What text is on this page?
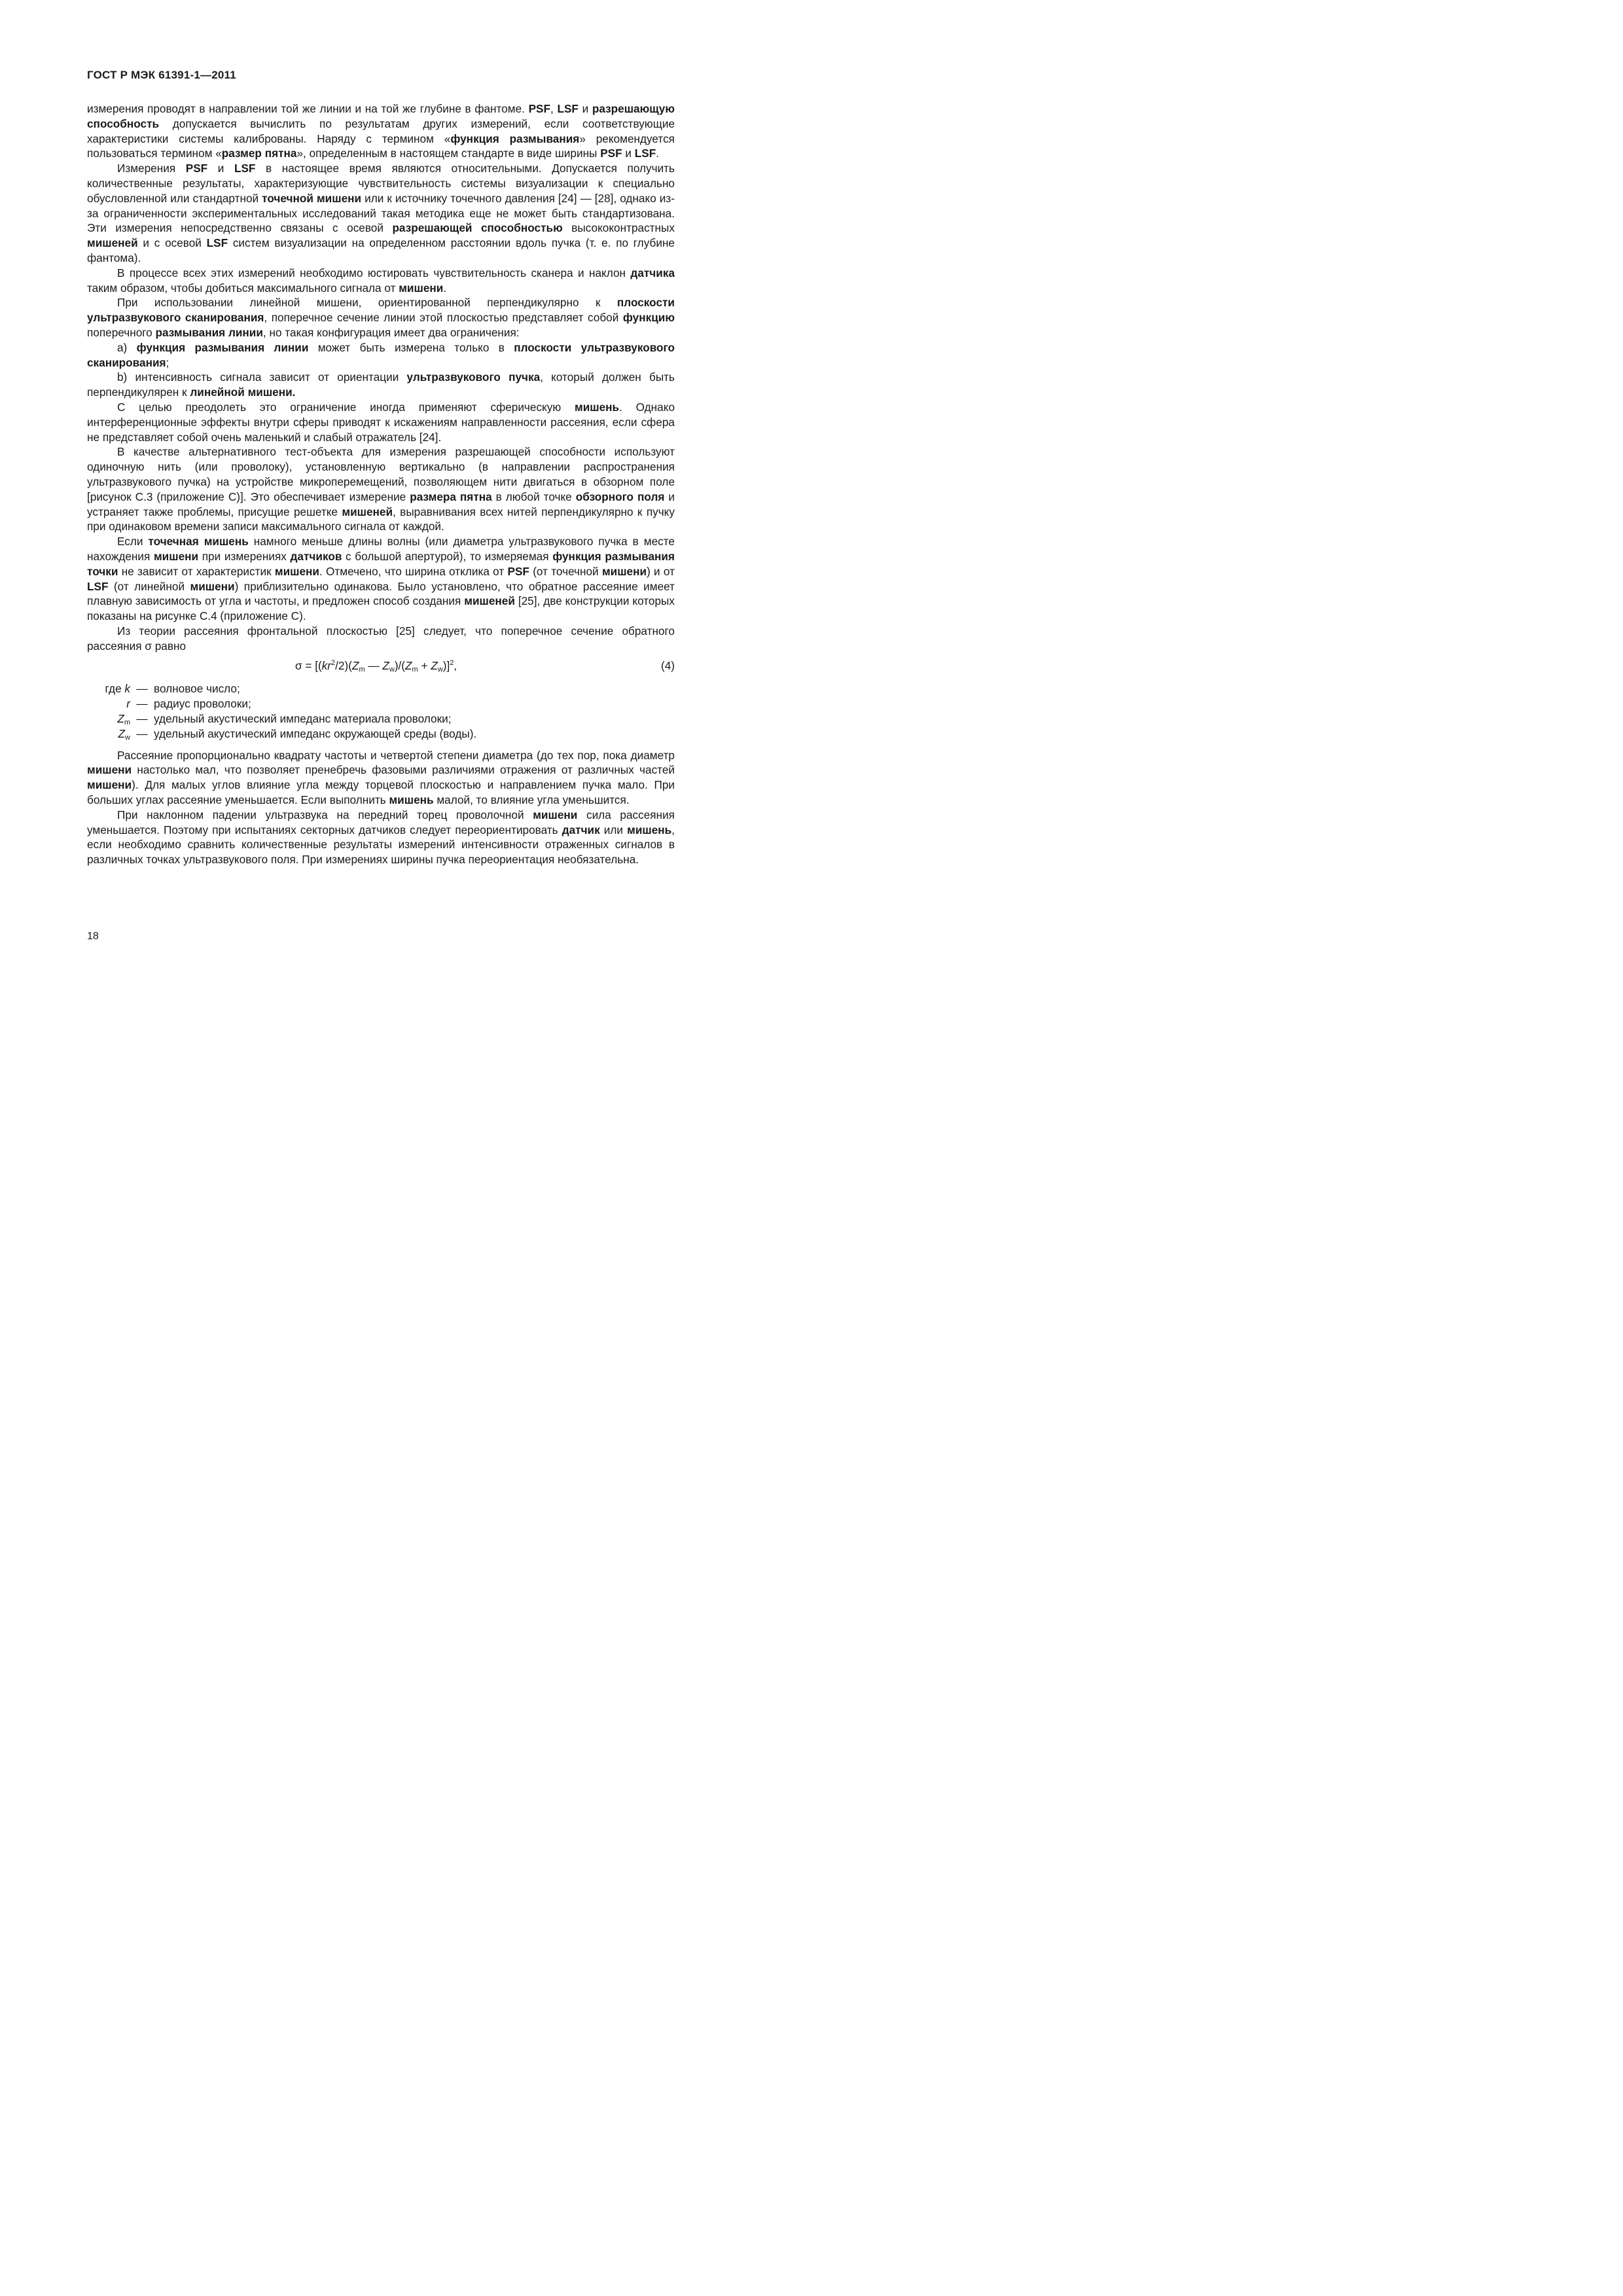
ГОСТ Р МЭК 61391-1—2011

измерения проводят в направлении той же линии и на той же глубине в фантоме. PSF, LSF и разрешающую способность допускается вычислить по результатам других измерений, если соответствующие характеристики системы калиброваны. Наряду с термином «функция размывания» рекомендуется пользоваться термином «размер пятна», определенным в настоящем стандарте в виде ширины PSF и LSF.

Измерения PSF и LSF в настоящее время являются относительными. Допускается получить количественные результаты, характеризующие чувствительность системы визуализации к специально обусловленной или стандартной точечной мишени или к источнику точечного давления [24] — [28], однако из-за ограниченности экспериментальных исследований такая методика еще не может быть стандартизована. Эти измерения непосредственно связаны с осевой разрешающей способностью высококонтрастных мишеней и с осевой LSF систем визуализации на определенном расстоянии вдоль пучка (т. е. по глубине фантома).

В процессе всех этих измерений необходимо юстировать чувствительность сканера и наклон датчика таким образом, чтобы добиться максимального сигнала от мишени.

При использовании линейной мишени, ориентированной перпендикулярно к плоскости ультразвукового сканирования, поперечное сечение линии этой плоскостью представляет собой функцию поперечного размывания линии, но такая конфигурация имеет два ограничения:

a) функция размывания линии может быть измерена только в плоскости ультразвукового сканирования;

b) интенсивность сигнала зависит от ориентации ультразвукового пучка, который должен быть перпендикулярен к линейной мишени.

С целью преодолеть это ограничение иногда применяют сферическую мишень. Однако интерференционные эффекты внутри сферы приводят к искажениям направленности рассеяния, если сфера не представляет собой очень маленький и слабый отражатель [24].

В качестве альтернативного тест-объекта для измерения разрешающей способности используют одиночную нить (или проволоку), установленную вертикально (в направлении распространения ультразвукового пучка) на устройстве микроперемещений, позволяющем нити двигаться в обзорном поле [рисунок С.3 (приложение С)]. Это обеспечивает измерение размера пятна в любой точке обзорного поля и устраняет также проблемы, присущие решетке мишеней, выравнивания всех нитей перпендикулярно к пучку при одинаковом времени записи максимального сигнала от каждой.

Если точечная мишень намного меньше длины волны (или диаметра ультразвукового пучка в месте нахождения мишени при измерениях датчиков с большой апертурой), то измеряемая функция размывания точки не зависит от характеристик мишени. Отмечено, что ширина отклика от PSF (от точечной мишени) и от LSF (от линейной мишени) приблизительно одинакова. Было установлено, что обратное рассеяние имеет плавную зависимость от угла и частоты, и предложен способ создания мишеней [25], две конструкции которых показаны на рисунке С.4 (приложение С).

Из теории рассеяния фронтальной плоскостью [25] следует, что поперечное сечение обратного рассеяния σ равно

$\sigma = [(kr^2/2)(Z_m$ — $Z_w)/(Z_m + Z_w)]^2$,	(4)
где k — волновое число;
r — радиус проволоки;
$Z_m$ — удельный акустический импеданс материала проволоки;
$Z_w$ — удельный акустический импеданс окружающей среды (воды).

Рассеяние пропорционально квадрату частоты и четвертой степени диаметра (до тех пор, пока диаметр мишени настолько мал, что позволяет пренебречь фазовыми различиями отражения от различных частей мишени). Для малых углов влияние угла между торцевой плоскостью и направлением пучка мало. При больших углах рассеяние уменьшается. Если выполнить мишень малой, то влияние угла уменьшится.

При наклонном падении ультразвука на передний торец проволочной мишени сила рассеяния уменьшается. Поэтому при испытаниях секторных датчиков следует переориентировать датчик или мишень, если необходимо сравнить количественные результаты измерений интенсивности отраженных сигналов в различных точках ультразвукового поля. При измерениях ширины пучка переориентация необязательна.

18
